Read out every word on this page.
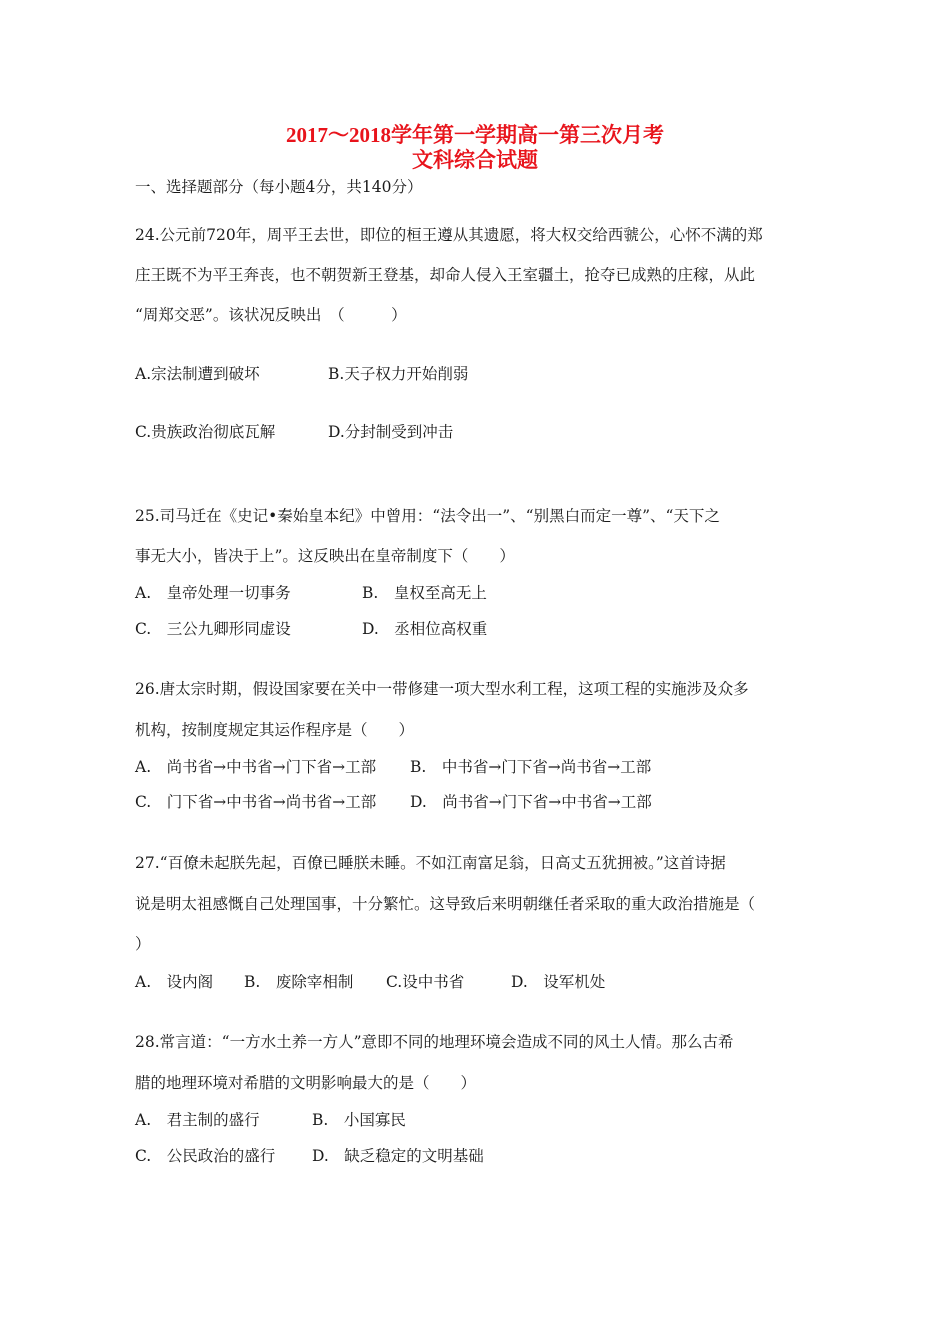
2017～2018学年第一学期高一第三次月考
文科综合试题
一、选择题部分（每小题4分，共140分）
24.公元前720年，周平王去世，即位的桓王遵从其遗愿，将大权交给西虢公，心怀不满的郑
庄王既不为平王奔丧，也不朝贺新王登基，却命人侵入王室疆土，抢夺已成熟的庄稼，从此
“周郑交恶”。该状况反映出　（　　　）
A.宗法制遭到破坏	B.天子权力开始削弱
C.贵族政治彻底瓦解	D.分封制受到冲击
25.司马迁在《史记•秦始皇本纪》中曾用：“法令出一”、“别黑白而定一尊”、“天下之
事无大小，皆决于上”。这反映出在皇帝制度下（　　）
A.　皇帝处理一切事务	B.　皇权至高无上
C.　三公九卿形同虚设	D.　丞相位高权重
26.唐太宗时期，假设国家要在关中一带修建一项大型水利工程，这项工程的实施涉及众多
机构，按制度规定其运作程序是（　　）
A.　尚书省→中书省→门下省→工部 B.　中书省→门下省→尚书省→工部
C.　门下省→中书省→尚书省→工部 D.　尚书省→门下省→中书省→工部
27.“百僚未起朕先起，百僚已睡朕未睡。不如江南富足翁，日高丈五犹拥被。”这首诗据
说是明太祖感慨自己处理国事，十分繁忙。这导致后来明朝继任者采取的重大政治措施是（
）
A.　设内阁 B.　废除宰相制 C.设中书省	D.　设军机处
28.常言道：“一方水土养一方人”意即不同的地理环境会造成不同的风土人情。那么古希
腊的地理环境对希腊的文明影响最大的是（　　）
A.　君主制的盛行	B.　小国寡民
C.　公民政治的盛行 D.　缺乏稳定的文明基础
